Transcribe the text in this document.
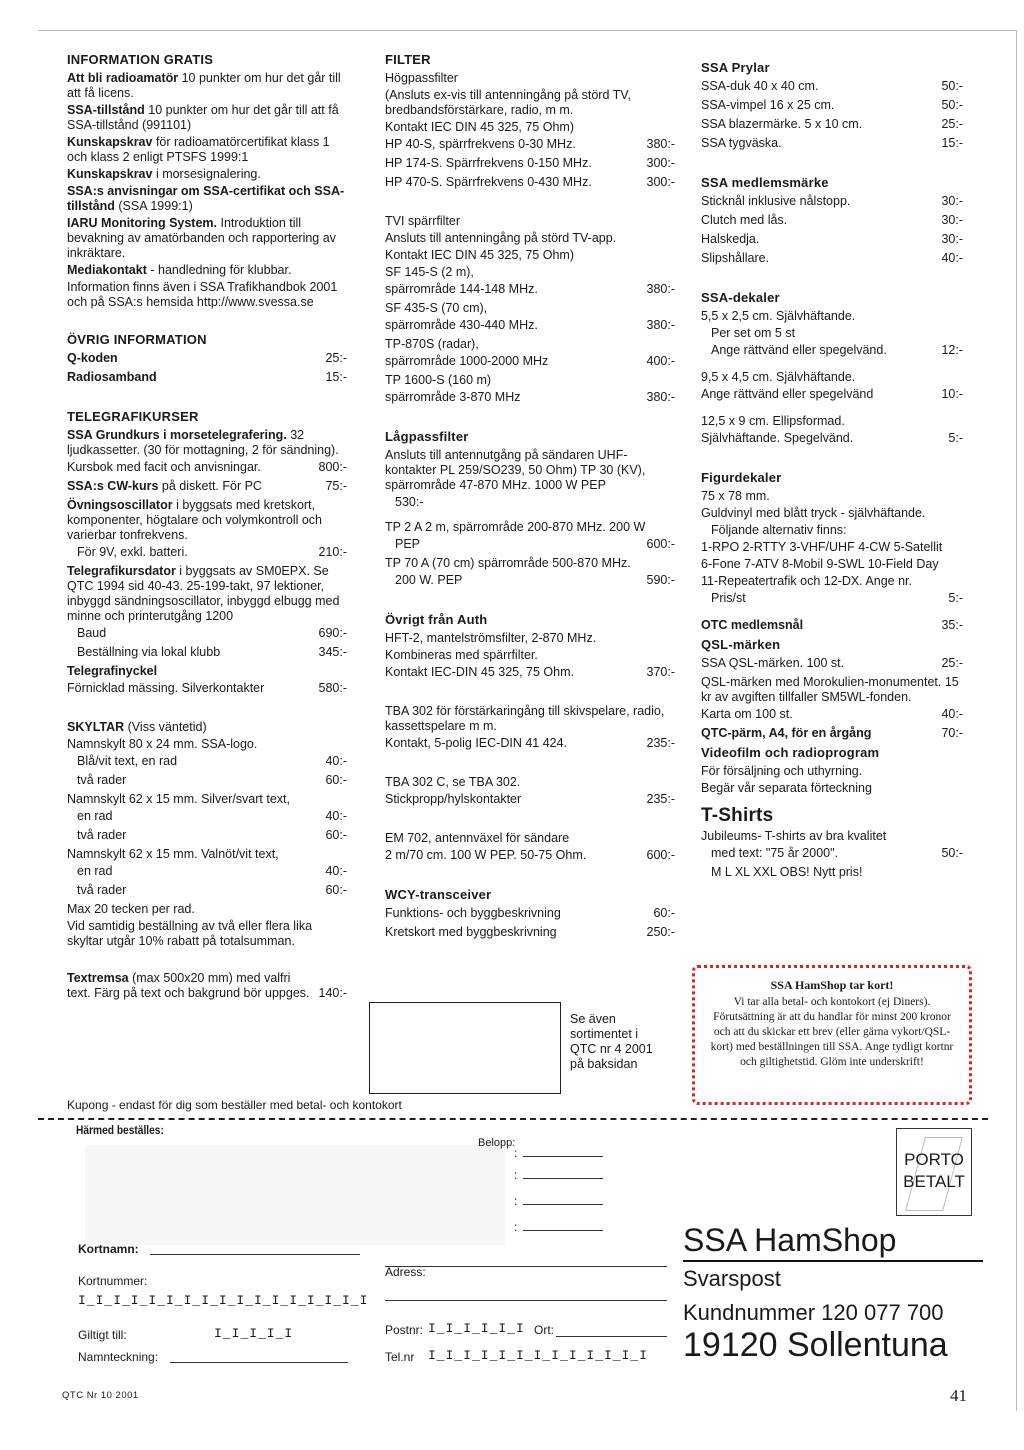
INFORMATION GRATIS
Att bli radioamatör 10 punkter om hur det går till att få licens.
SSA-tillstånd 10 punkter om hur det går till att få SSA-tillstånd (991101)
Kunskapskrav för radioamatörcertifikat klass 1 och klass 2 enligt PTSFS 1999:1
Kunskapskrav i morsesignalering.
SSA:s anvisningar om SSA-certifikat och SSA-tillstånd (SSA 1999:1)
IARU Monitoring System. Introduktion till bevakning av amatörbanden och rapportering av inkräktare.
Mediakontakt - handledning för klubbar.
Information finns även i SSA Trafikhandbok 2001 och på SSA:s hemsida http://www.svessa.se
ÖVRIG INFORMATION
Q-koden	25:-
Radiosamband	15:-
TELEGRAFIKURSER
SSA Grundkurs i morsetelegrafering. 32 ljudkassetter. (30 för mottagning, 2 för sändning).
Kursbok med facit och anvisningar.	800:-
SSA:s CW-kurs på diskett. För PC	75:-
Övningsoscillator i byggsats med kretskort, komponenter, högtalare och volymkontroll och varierbar tonfrekvens.
För 9V, exkl. batteri.	210:-
Telegrafikursdator i byggsats av SM0EPX. Se QTC 1994 sid 40-43. 25-199-takt, 97 lektioner, inbyggd sändningsoscillator, inbyggd elbugg med minne och printerutgång 1200
Baud	690:-
Beställning via lokal klubb	345:-
Telegrafinyckel
Förnicklad mässing. Silverkontakter	580:-
SKYLTAR (Viss väntetid)
Namnskylt 80 x 24 mm. SSA-logo.
Blå/vit text, en rad	40:-
två rader	60:-
Namnskylt 62 x 15 mm. Silver/svart text,
en rad	40:-
två rader	60:-
Namnskylt 62 x 15 mm. Valnöt/vit text,
en rad	40:-
två rader	60:-
Max 20 tecken per rad.
Vid samtidig beställning av två eller flera lika skyltar utgår 10% rabatt på totalsumman.
Textremsa (max 500x20 mm) med valfri text. Färg på text och bakgrund bör uppges. 140:-
FILTER
Högpassfilter
(Ansluts ex-vis till antenningång på störd TV, bredbandsförstärkare, radio, m m.
Kontakt IEC DIN 45 325, 75 Ohm)
HP 40-S, spärrfrekvens 0-30 MHz.	380:-
HP 174-S. Spärrfrekvens 0-150 MHz.	300:-
HP 470-S. Spärrfrekvens 0-430 MHz.	300:-
TVI spärrfilter
Ansluts till antenningång på störd TV-app.
Kontakt IEC DIN 45 325, 75 Ohm)
SF 145-S (2 m),
spärrområde 144-148 MHz.	380:-
SF 435-S (70 cm),
spärrområde 430-440 MHz.	380:-
TP-870S (radar),
spärrområde 1000-2000 MHz	400:-
TP 1600-S (160 m)
spärrområde 3-870 MHz	380:-
Lågpassfilter
Ansluts till antennutgång på sändaren UHF-kontakter PL 259/SO239, 50 Ohm) TP 30 (KV), spärrområde 47-870 MHz. 1000 W PEP
530:-
TP 2 A 2 m, spärrområde 200-870 MHz. 200 W
PEP	600:-
TP 70 A (70 cm) spärrområde 500-870 MHz.
200 W. PEP	590:-
Övrigt från Auth
HFT-2, mantelströmsfilter, 2-870 MHz.
Kombineras med spärrfilter.
Kontakt IEC-DIN 45 325, 75 Ohm.	370:-
TBA 302 för förstärkaringång till skivspelare, radio, kassettspelare m m.
Kontakt, 5-polig IEC-DIN 41 424.	235:-
TBA 302 C, se TBA 302.
Stickpropp/hylskontakter	235:-
EM 702, antennväxel för sändare
2 m/70 cm. 100 W PEP. 50-75 Ohm.	600:-
WCY-transceiver
Funktions- och byggbeskrivning	60:-
Kretskort med byggbeskrivning	250:-
SSA Prylar
SSA-duk 40 x 40 cm.	50:-
SSA-vimpel 16 x 25 cm.	50:-
SSA blazermärke. 5 x 10 cm.	25:-
SSA tygväska.	15:-
SSA medlemsmärke
Sticknål inklusive nålstopp.	30:-
Clutch med lås.	30:-
Halskedja.	30:-
Slipshållare.	40:-
SSA-dekaler
5,5 x 2,5 cm. Självhäftande.
Per set om 5 st
Ange rättvänd eller spegelvänd.	12:-
9,5 x 4,5 cm. Självhäftande.
Ange rättvänd eller spegelvänd	10:-
12,5 x 9 cm. Ellipsformad.
Självhäftande. Spegelvänd.	5:-
Figurdekaler
75 x 78 mm.
Guldvinyl med blått tryck - självhäftande.
Följande alternativ finns:
1-RPO 2-RTTY 3-VHF/UHF 4-CW 5-Satellit
6-Fone 7-ATV 8-Mobil 9-SWL 10-Field Day
11-Repeatertrafik och 12-DX. Ange nr.
Pris/st	5:-
OTC medlemsnål	35:-
QSL-märken
SSA QSL-märken. 100 st.	25:-
QSL-märken med Morokulien-monumentet. 15 kr av avgiften tillfaller SM5WL-fonden.
Karta om 100 st.	40:-
QTC-pärm, A4, för en årgång	70:-
Videofilm och radioprogram
För försäljning och uthyrning.
Begär vår separata förteckning
T-Shirts
Jubileums- T-shirts av bra kvalitet
med text: "75 år 2000".	50:-
M L XL XXL OBS! Nytt pris!
SSA HamShop tar kort!
Vi tar alla betal- och kontokort (ej Diners). Förutsättning är att du handlar för minst 200 kronor och att du skickar ett brev (eller gärna vykort/QSL-kort) med beställningen till SSA. Ange tydligt kortnr och giltighetstid. Glöm inte underskrift!
Se även sortimentet i QTC nr 4 2001 på baksidan
Kupong - endast för dig som beställer med betal- och kontokort
Härmed beställes:
Belopp:
:
:
:
:
Kortnamn:
Kortnummer:
I_I_I_I_I_I_I_I_I_I_I_I_I_I_I_I_I
Giltigt till:	I_I_I_I_I
Namnteckning:
Adress:
Postnr: I_I_I_I_I_I Ort:
Tel.nr I_I_I_I_I_I_I_I_I_I_I_I_I
PORTO
BETALT
SSA HamShop
Svarspost
Kundnummer 120 077 700
19120 Sollentuna
QTC Nr 10 2001	41
